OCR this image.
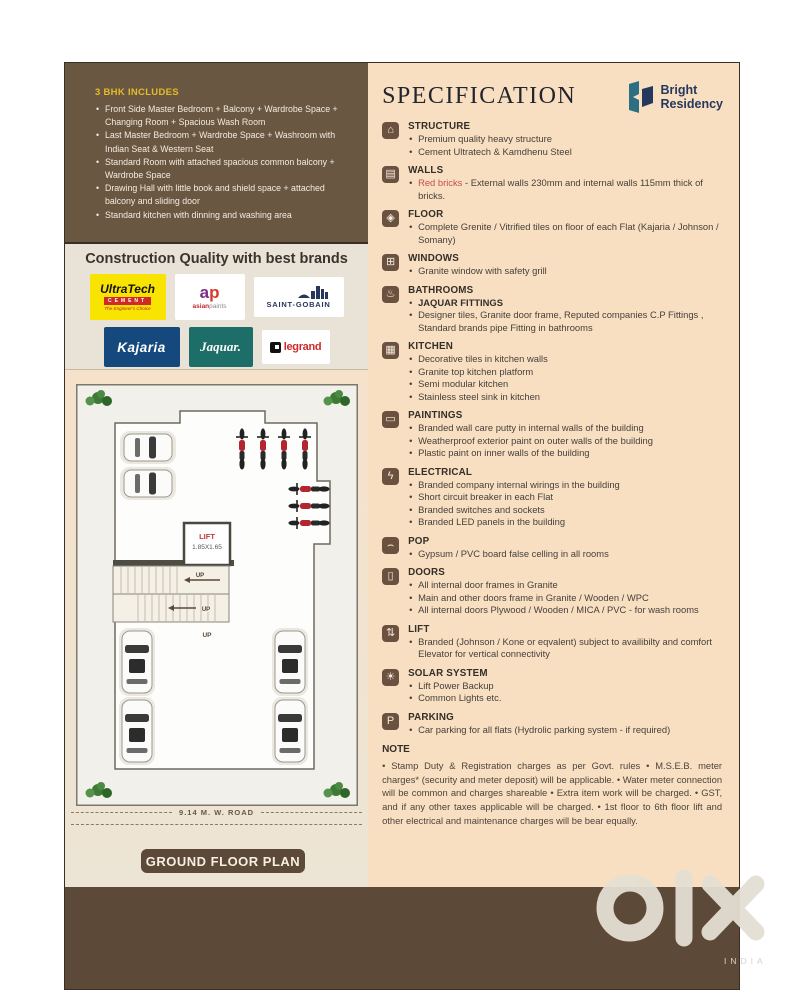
3 BHK INCLUDES
• Front Side Master Bedroom + Balcony + Wardrobe Space + Changing Room + Spacious Wash Room
• Last Master Bedroom + Wardrobe Space + Washroom with Indian Seat & Western Seat
• Standard Room with attached spacious common balcony + Wardrobe Space
• Drawing Hall with little book and shield space + attached balcony and sliding door
• Standard kitchen with dinning and washing area
Construction Quality with best brands
UltraTech
CEMENT
The Engineer's Choice
ap
asianpaints	SAINT-GOBAIN
Kajaria	Jaquar.	legrand
LIFT
1.85X1.65
UP
UP
UP
9.14 M. W. ROAD
GROUND FLOOR PLAN
SPECIFICATION	Bright
Residency
⌂	STRUCTURE
• Premium quality heavy structure
• Cement Ultratech & Kamdhenu Steel
▤	WALLS
• Red bricks - External walls 230mm and internal walls 115mm thick of bricks.
◈	FLOOR
• Complete Grenite / Vitrified tiles on floor of each Flat (Kajaria / Johnson / Somany)
⊞	WINDOWS
• Granite window with safety grill
♨	BATHROOMS
• JAQUAR FITTINGS
• Designer tiles, Granite door frame, Reputed companies C.P Fittings , Standard brands pipe Fitting in bathrooms
▦	KITCHEN
• Decorative tiles in kitchen walls
• Granite top kitchen platform
• Semi modular kitchen
• Stainless steel sink in kitchen
▭	PAINTINGS
• Branded wall care putty in internal walls of the building
• Weatherproof exterior paint on outer walls of the building
• Plastic paint on inner walls of the building
ϟ	ELECTRICAL
• Branded company internal wirings in the building
• Short circuit breaker in each Flat
• Branded switches and sockets
• Branded LED panels in the building
⌢	POP
• Gypsum / PVC board false celling in all rooms
▯	DOORS
• All internal door frames in Granite
• Main and other doors frame in Granite / Wooden / WPC
• All internal doors Plywood / Wooden / MICA / PVC - for wash rooms
⇅	LIFT
• Branded (Johnson / Kone or eqvalent) subject to availibilty and comfort Elevator for vertical connectivity
☀	SOLAR SYSTEM
• Lift Power Backup
• Common Lights etc.
P	PARKING
• Car parking for all flats (Hydrolic parking system - if required)
NOTE
• Stamp Duty & Registration charges as per Govt. rules • M.S.E.B. meter charges* (security and meter deposit) will be applicable. • Water meter connection will be common and charges shareable • Extra item work will be charged. • GST, and if any other taxes applicable will be charged. • 1st floor to 6th floor lift and other electrical and maintenance charges will be bear equally.
INDIA
